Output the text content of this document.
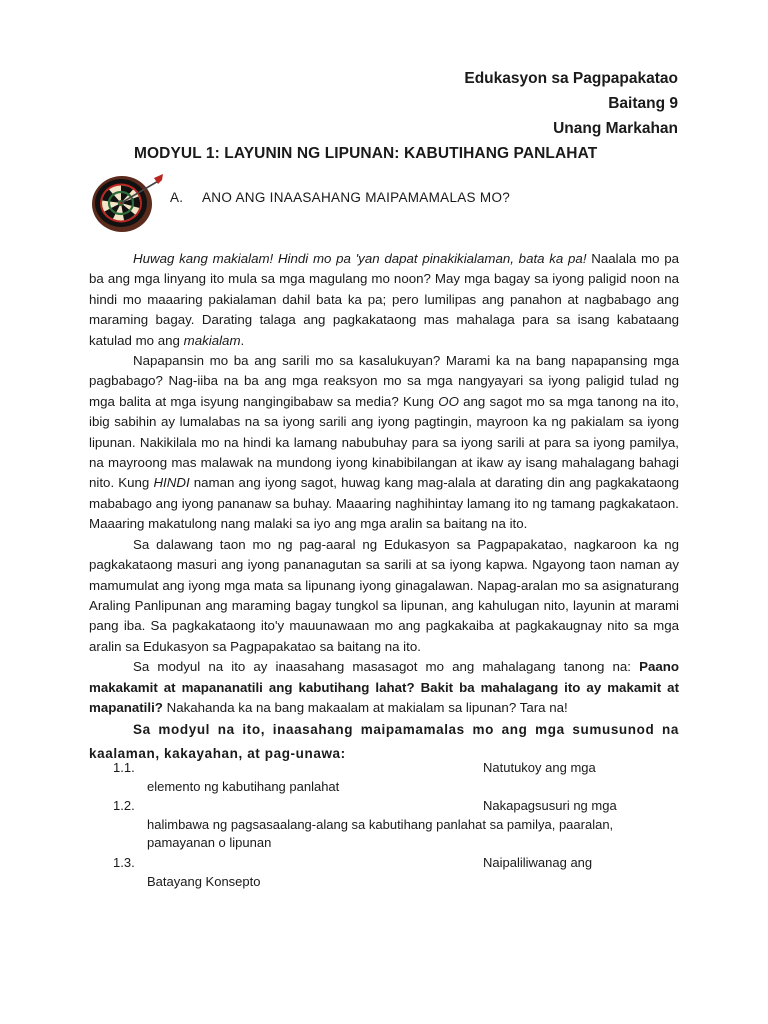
Edukasyon sa Pagpapakatao
Baitang 9
Unang Markahan
MODYUL 1: LAYUNIN NG LIPUNAN: KABUTIHANG PANLAHAT
A. ANO ANG INAASAHANG MAIPAMAMALAS MO?

Huwag kang makialam! Hindi mo pa 'yan dapat pinakikialaman, bata ka pa! Naalala mo pa ba ang mga linyang ito mula sa mga magulang mo noon? May mga bagay sa iyong paligid noon na hindi mo maaaring pakialaman dahil bata ka pa; pero lumilipas ang panahon at nagbabago ang maraming bagay. Darating talaga ang pagkakataong mas mahalaga para sa isang kabataang katulad mo ang makialam.

Napapansin mo ba ang sarili mo sa kasalukuyan? Marami ka na bang napapansing mga pagbabago? Nag-iiba na ba ang mga reaksyon mo sa mga nangyayari sa iyong paligid tulad ng mga balita at mga isyung nangingibabaw sa media? Kung OO ang sagot mo sa mga tanong na ito, ibig sabihin ay lumalabas na sa iyong sarili ang iyong pagtingin, mayroon ka ng pakialam sa iyong lipunan. Nakikilala mo na hindi ka lamang nabubuhay para sa iyong sarili at para sa iyong pamilya, na mayroong mas malawak na mundong iyong kinabibilangan at ikaw ay isang mahalagang bahagi nito. Kung HINDI naman ang iyong sagot, huwag kang mag-alala at darating din ang pagkakataong mababago ang iyong pananaw sa buhay. Maaaring naghihintay lamang ito ng tamang pagkakataon. Maaaring makatulong nang malaki sa iyo ang mga aralin sa baitang na ito.

Sa dalawang taon mo ng pag-aaral ng Edukasyon sa Pagpapakatao, nagkaroon ka ng pagkakataong masuri ang iyong pananagutan sa sarili at sa iyong kapwa. Ngayong taon naman ay mamumulat ang iyong mga mata sa lipunang iyong ginagalawan. Napag-aralan mo sa asignaturang Araling Panlipunan ang maraming bagay tungkol sa lipunan, ang kahulugan nito, layunin at marami pang iba. Sa pagkakataong ito'y mauunawaan mo ang pagkakaiba at pagkakaugnay nito sa mga aralin sa Edukasyon sa Pagpapakatao sa baitang na ito.

Sa modyul na ito ay inaasahang masasagot mo ang mahalagang tanong na: Paano makakamit at mapananatili ang kabutihang lahat? Bakit ba mahalagang ito ay makamit at mapanatili? Nakahanda ka na bang makaalam at makialam sa lipunan? Tara na!

Sa modyul na ito, inaasahang maipamamalas mo ang mga sumusunod na kaalaman, kakayahan, at pag-unawa:

1.1.	Natutukoy ang mga
elemento ng kabutihang panlahat
1.2.	Nakapagsusuri ng mga
halimbawa ng pagsasaalang-alang sa kabutihang panlahat sa pamilya, paaralan,
pamayanan o lipunan
1.3.	Naipaliliwanag ang
Batayang Konsepto
